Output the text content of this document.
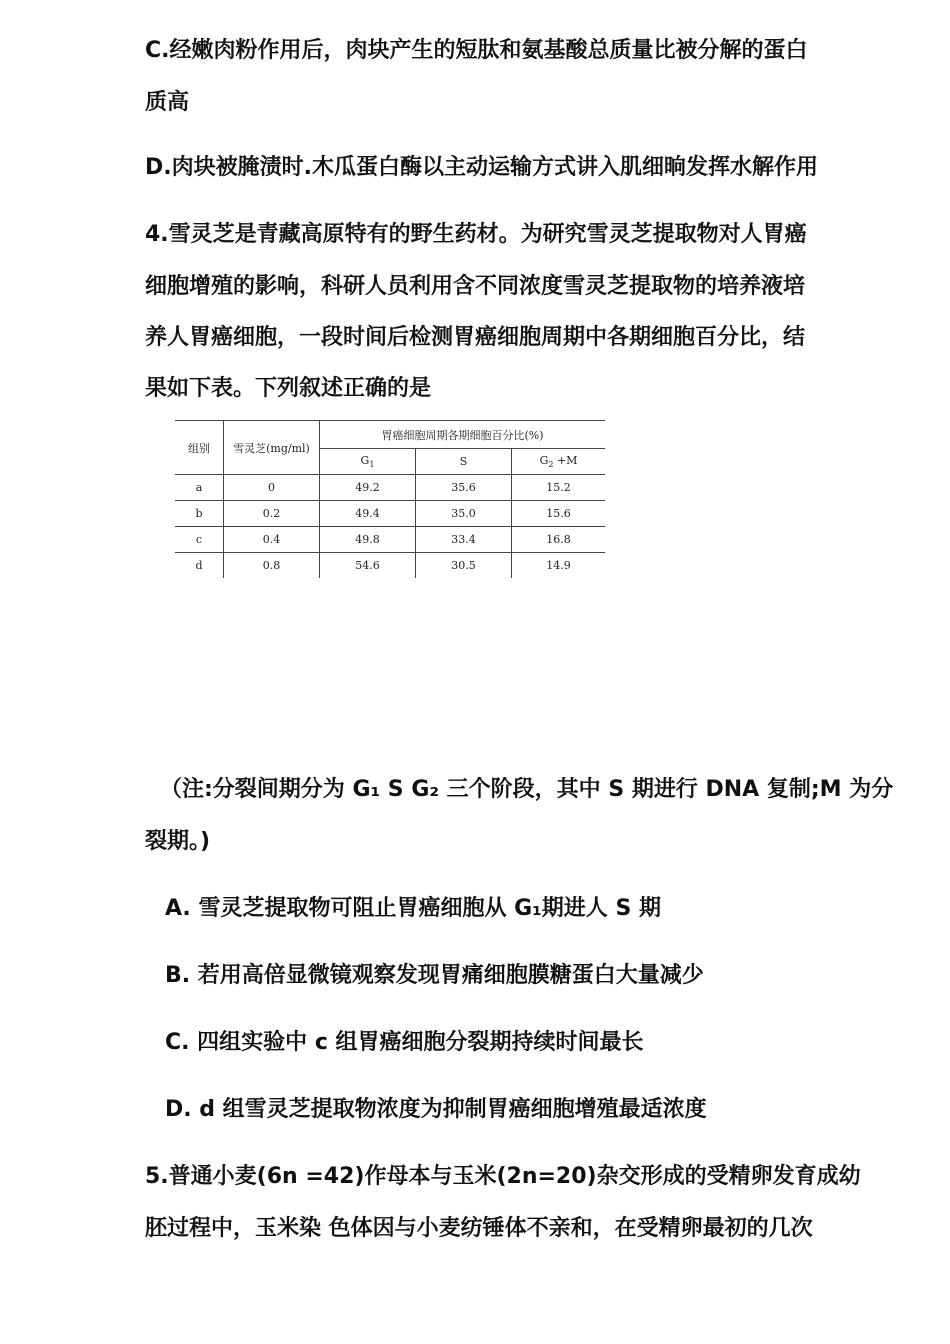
C.经嫩肉粉作用后，肉块产生的短肽和氨基酸总质量比被分解的蛋白
质高
D.肉块被腌渍时.木瓜蛋白酶以主动运输方式讲入肌细晌发挥水解作用
4.雪灵芝是青藏高原特有的野生药材。为研究雪灵芝提取物对人胃癌
细胞增殖的影响，科研人员利用含不同浓度雪灵芝提取物的培养液培
养人胃癌细胞，一段时间后检测胃癌细胞周期中各期细胞百分比，结
果如下表。下列叙述正确的是
组别	雪灵芝(mg/ml)	胃癌细胞周期各期细胞百分比(%)		
		$G_1$	S	$G_2 +M$
a	0	49.2	35.6	15.2
b	0.2	49.4	35.0	15.6
c	0.4	49.8	33.4	16.8
d	0.8	54.6	30.5	14.9
（注:分裂间期分为 G₁ S G₂ 三个阶段，其中 S 期进行 DNA 复制;M 为分
裂期。)
A. 雪灵芝提取物可阻止胃癌细胞从 G₁期进人 S 期
B. 若用高倍显微镜观察发现胃痛细胞膜糖蛋白大量减少
C. 四组实验中 c 组胃癌细胞分裂期持续时间最长
D. d 组雪灵芝提取物浓度为抑制胃癌细胞增殖最适浓度
5.普通小麦(6n =42)作母本与玉米(2n=20)杂交形成的受精卵发育成幼
胚过程中，玉米染 色体因与小麦纺锤体不亲和，在受精卵最初的几次
